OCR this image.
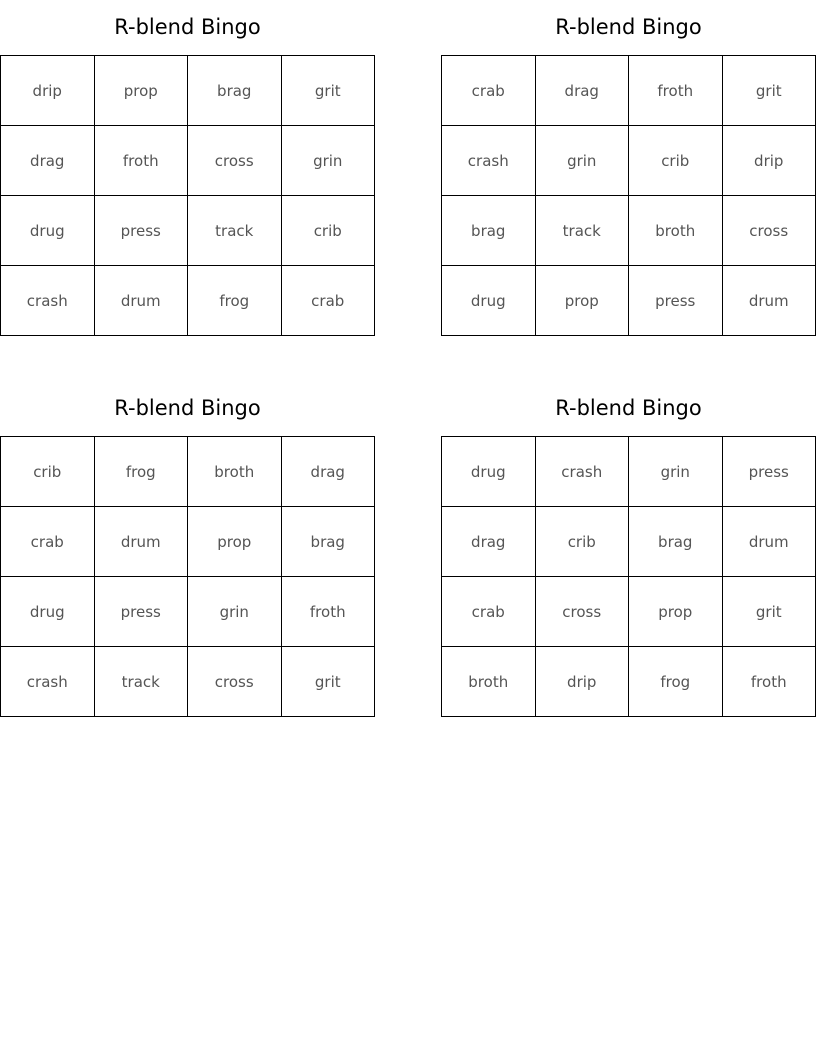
R-blend Bingo
drip	prop	brag	grit
drag	froth	cross	grin
drug	press	track	crib
crash	drum	frog	crab
R-blend Bingo
crab	drag	froth	grit
crash	grin	crib	drip
brag	track	broth	cross
drug	prop	press	drum
R-blend Bingo
crib	frog	broth	drag
crab	drum	prop	brag
drug	press	grin	froth
crash	track	cross	grit
R-blend Bingo
drug	crash	grin	press
drag	crib	brag	drum
crab	cross	prop	grit
broth	drip	frog	froth
